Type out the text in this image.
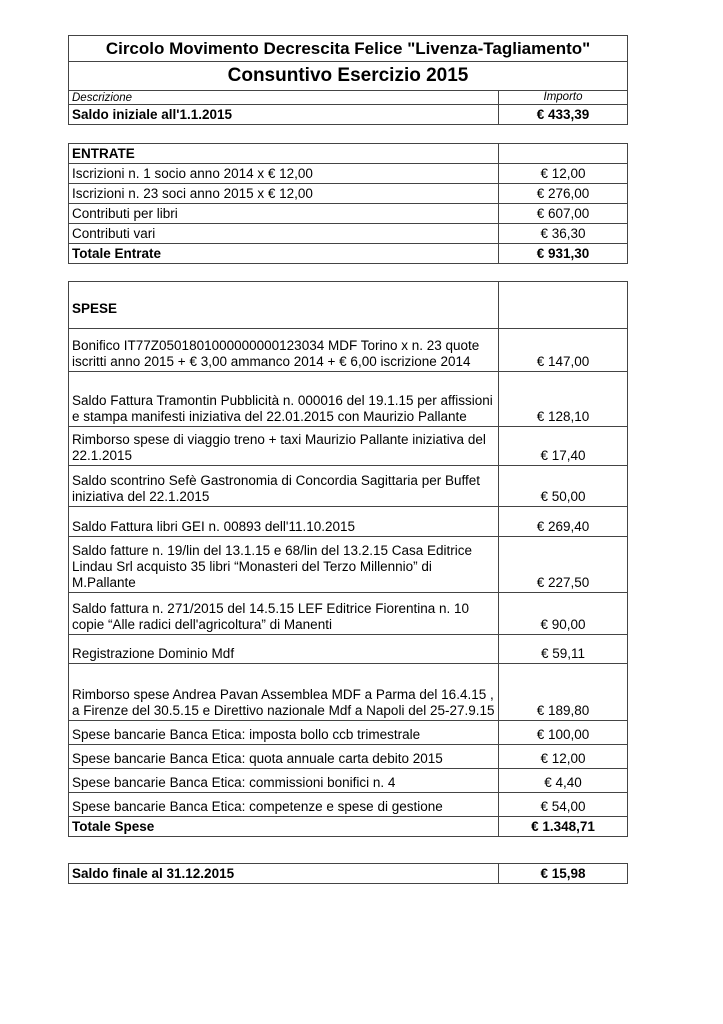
Circolo Movimento Decrescita Felice "Livenza-Tagliamento"	
Consuntivo Esercizio 2015	
Descrizione	Importo
Saldo iniziale all'1.1.2015	€ 433,39
ENTRATE	
Iscrizioni n. 1 socio anno 2014 x € 12,00	€ 12,00
Iscrizioni n. 23 soci anno 2015 x € 12,00	€ 276,00
Contributi per libri	€ 607,00
Contributi vari	€ 36,30
Totale Entrate	€ 931,30
SPESE	
Bonifico IT77Z0501801000000000123034 MDF Torino x n. 23 quote iscritti anno 2015 + € 3,00 ammanco 2014 + € 6,00 iscrizione 2014	€ 147,00
Saldo Fattura Tramontin Pubblicità n. 000016 del 19.1.15 per affissioni e stampa manifesti iniziativa del 22.01.2015 con Maurizio Pallante	€ 128,10
Rimborso spese di viaggio treno + taxi Maurizio Pallante iniziativa del 22.1.2015	€ 17,40
Saldo scontrino Sefè Gastronomia di Concordia Sagittaria per Buffet iniziativa del 22.1.2015	€ 50,00
Saldo Fattura libri GEI n. 00893 dell'11.10.2015	€ 269,40
Saldo fatture n. 19/lin del 13.1.15 e 68/lin del 13.2.15 Casa Editrice Lindau Srl acquisto 35 libri “Monasteri del Terzo Millennio” di M.Pallante	€ 227,50
Saldo fattura n. 271/2015 del 14.5.15 LEF Editrice Fiorentina n. 10 copie “Alle radici dell'agricoltura” di Manenti	€ 90,00
Registrazione Dominio Mdf	€ 59,11
Rimborso spese Andrea Pavan Assemblea MDF a Parma del 16.4.15 , a Firenze del 30.5.15 e Direttivo nazionale Mdf a Napoli del 25-27.9.15	€ 189,80
Spese bancarie Banca Etica: imposta bollo ccb trimestrale	€ 100,00
Spese bancarie Banca Etica: quota annuale carta debito 2015	€ 12,00
Spese bancarie Banca Etica: commissioni bonifici n. 4	€ 4,40
Spese bancarie Banca Etica: competenze e spese di gestione	€ 54,00
Totale Spese	€ 1.348,71
Saldo finale al 31.12.2015	€ 15,98
